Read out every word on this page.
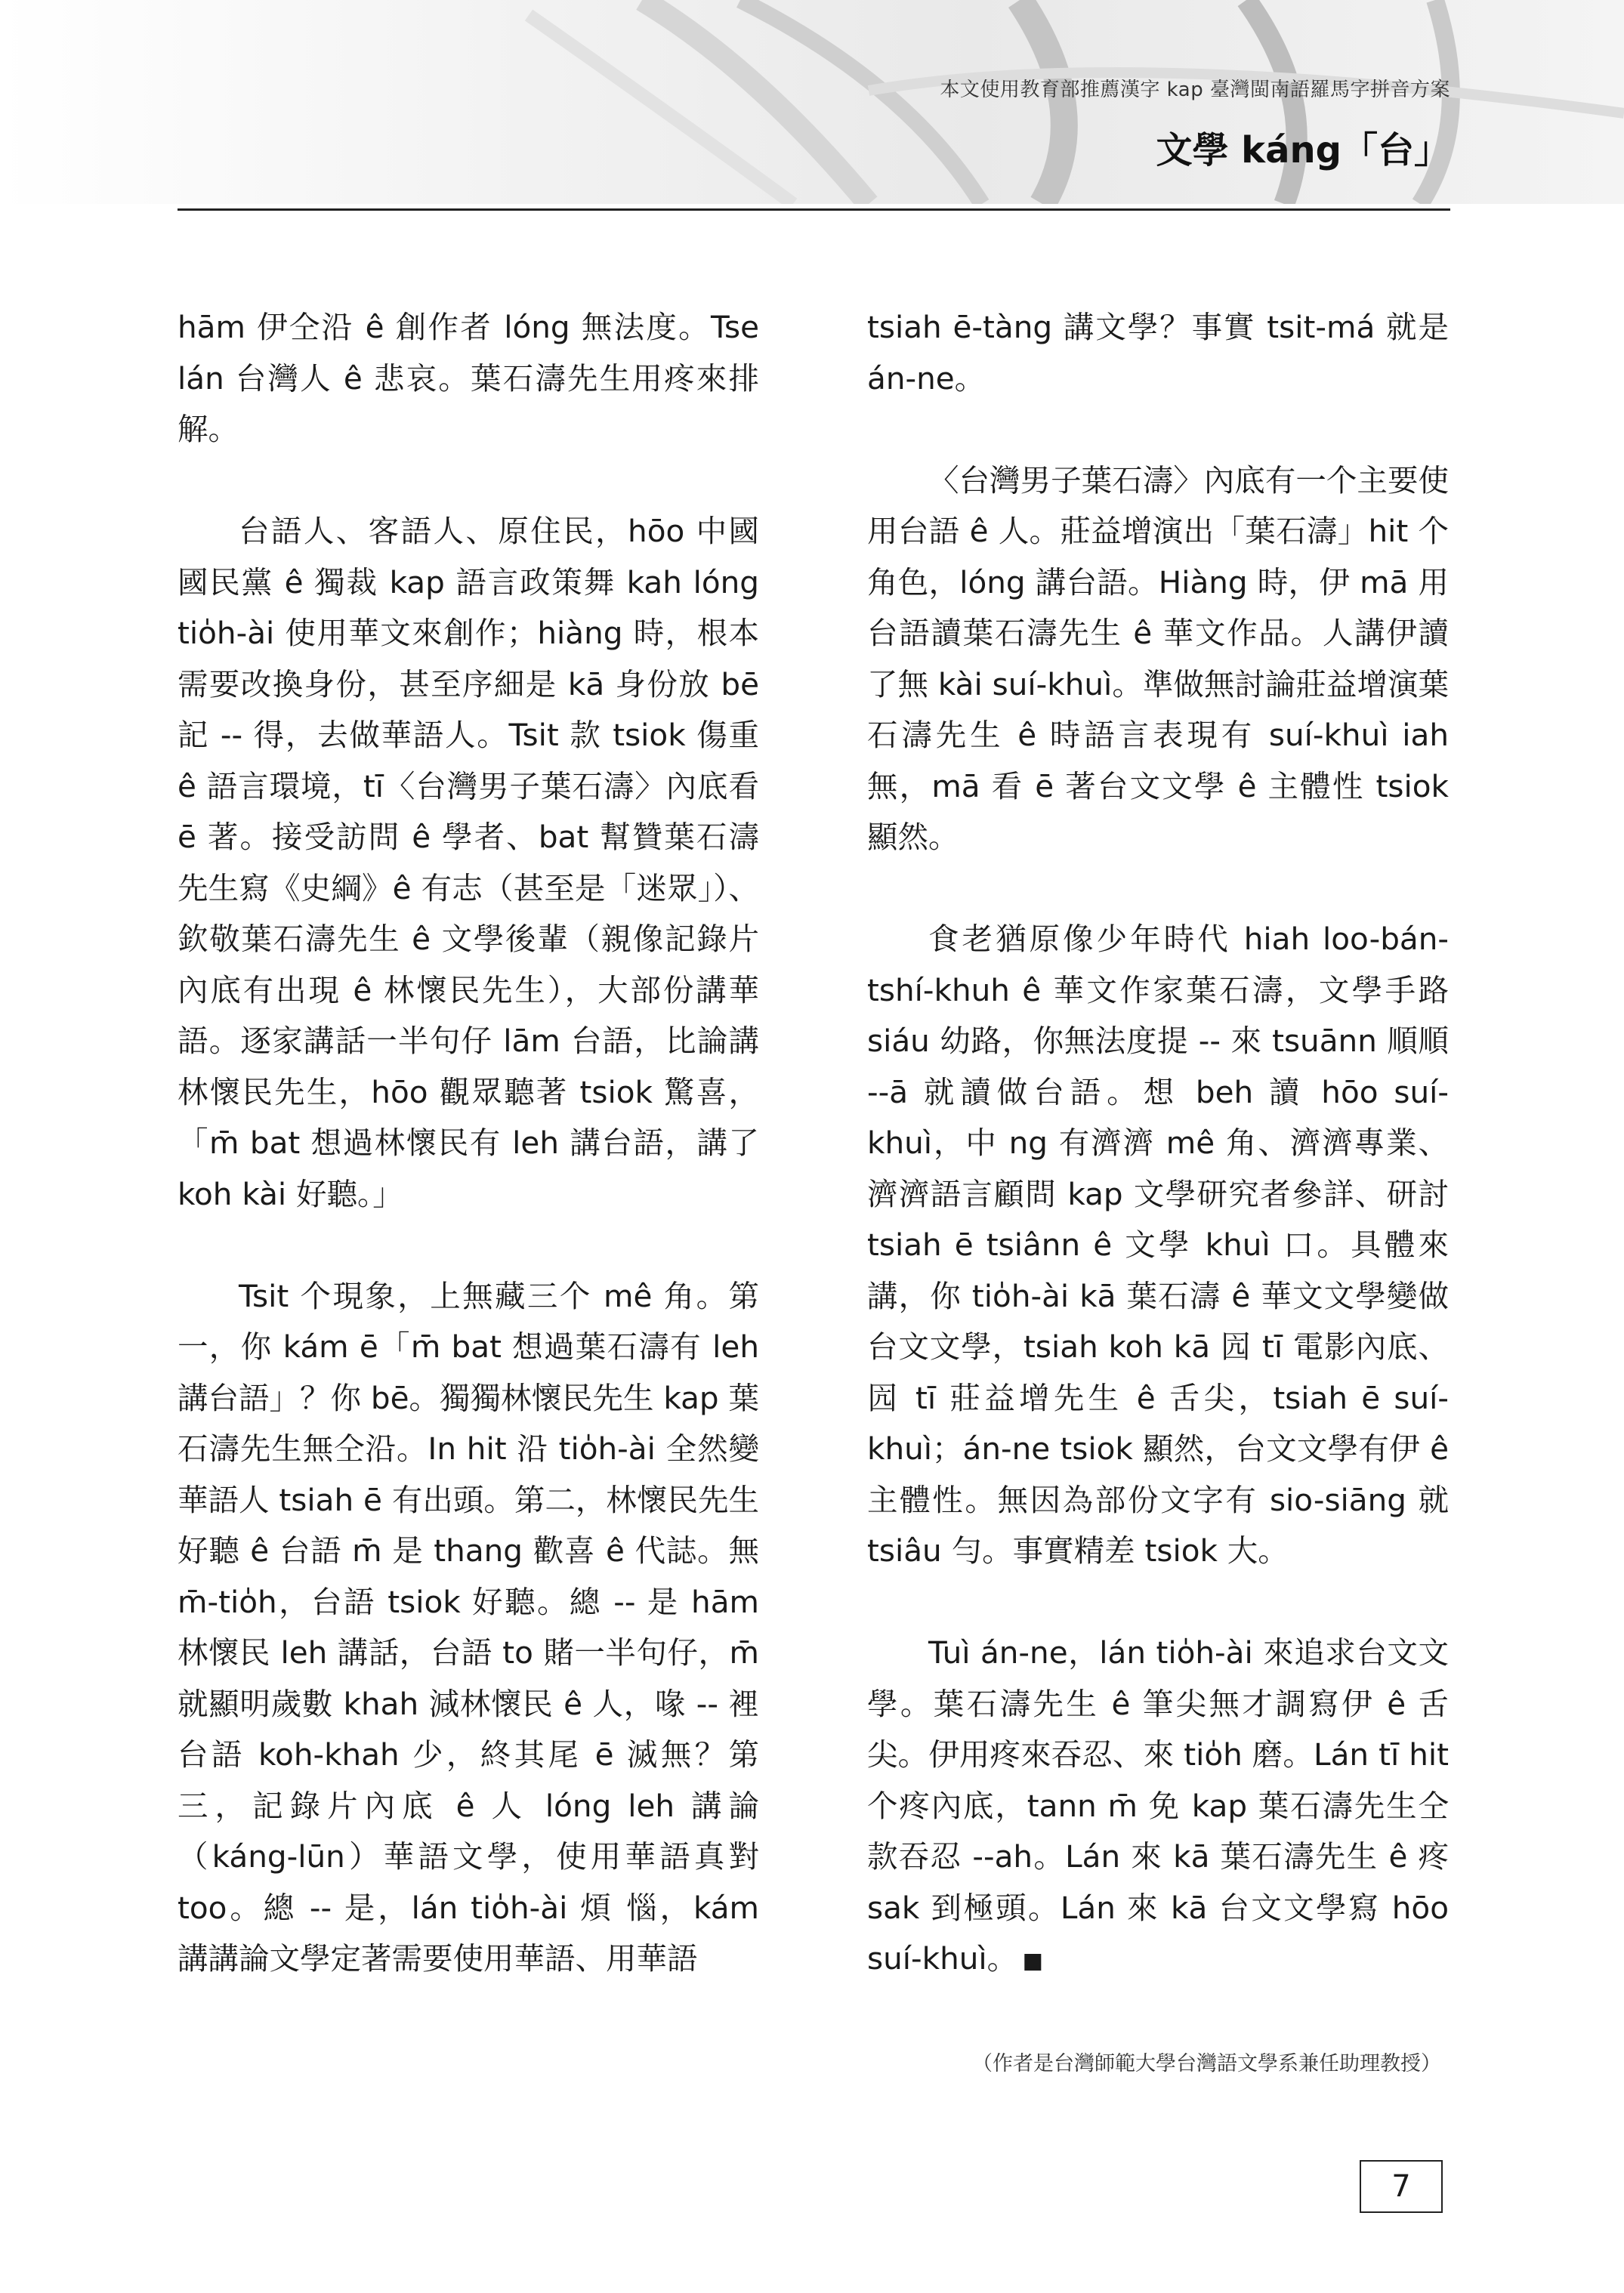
本文使用教育部推薦漢字 kap 臺灣閩南語羅馬字拼音方案
文學 káng「台」

hām 伊仝沿 ê 創作者 lóng 無法度。Tse lán 台灣人 ê 悲哀。葉石濤先生用疼來排解。

台語人、客語人、原住民，hōo 中國國民黨 ê 獨裁 kap 語言政策舞 kah lóng tio̍h-ài 使用華文來創作；hiàng 時，根本需要改換身份，甚至序細是 kā 身份放 bē 記 -- 得，去做華語人。Tsit 款 tsiok 傷重 ê 語言環境，tī〈台灣男子葉石濤〉內底看 ē 著。接受訪問 ê 學者、bat 幫贊葉石濤先生寫《史綱》ê 有志（甚至是「迷眾」）、欽敬葉石濤先生 ê 文學後輩（親像記錄片內底有出現 ê 林懷民先生），大部份講華語。逐家講話一半句仔 lām 台語，比論講林懷民先生，hōo 觀眾聽著 tsiok 驚喜，「m̄ bat 想過林懷民有 leh 講台語，講了 koh kài 好聽。」

Tsit 个現象，上無藏三个 mê 角。第一，你 kám ē「m̄ bat 想過葉石濤有 leh 講台語」？你 bē。獨獨林懷民先生 kap 葉石濤先生無仝沿。In hit 沿 tio̍h-ài 全然變華語人 tsiah ē 有出頭。第二，林懷民先生好聽 ê 台語 m̄ 是 thang 歡喜 ê 代誌。無 m̄-tio̍h，台語 tsiok 好聽。總 -- 是 hām 林懷民 leh 講話，台語 to 賭一半句仔，m̄ 就顯明歲數 khah 減林懷民 ê 人，喙 -- 裡台語 koh-khah 少，終其尾 ē 滅無？第三，記錄片內底 ê 人 lóng leh 講論（káng-lūn）華語文學，使用華語真對 too。總 -- 是，lán tio̍h-ài 煩 惱，kám 講講論文學定著需要使用華語、用華語

tsiah ē-tàng 講文學？事實 tsit-má 就是 án-ne。

〈台灣男子葉石濤〉內底有一个主要使用台語 ê 人。莊益增演出「葉石濤」hit 个角色，lóng 講台語。Hiàng 時，伊 mā 用台語讀葉石濤先生 ê 華文作品。人講伊讀了無 kài suí-khuì。準做無討論莊益增演葉石濤先生 ê 時語言表現有 suí-khuì iah 無，mā 看 ē 著台文文學 ê 主體性 tsiok 顯然。

食老猶原像少年時代 hiah loo-bán-tshí-khuh ê 華文作家葉石濤，文學手路 siáu 幼路，你無法度提 -- 來 tsuānn 順順 --ā 就讀做台語。想 beh 讀 hōo suí-khuì，中 ng 有濟濟 mê 角、濟濟專業、濟濟語言顧問 kap 文學研究者參詳、研討 tsiah ē tsiânn ê 文學 khuì 口。具體來講，你 tio̍h-ài kā 葉石濤 ê 華文文學變做台文文學，tsiah koh kā 囥 tī 電影內底、囥 tī 莊益增先生 ê 舌尖，tsiah ē suí-khuì；án-ne tsiok 顯然，台文文學有伊 ê 主體性。無因為部份文字有 sio-siāng 就 tsiâu 勻。事實精差 tsiok 大。

Tuì án-ne，lán tio̍h-ài 來追求台文文學。葉石濤先生 ê 筆尖無才調寫伊 ê 舌尖。伊用疼來吞忍、來 tio̍h 磨。Lán tī hit 个疼內底，tann m̄ 免 kap 葉石濤先生仝款吞忍 --ah。Lán 來 kā 葉石濤先生 ê 疼 sak 到極頭。Lán 來 kā 台文文學寫 hōo suí-khuì。 ◼

（作者是台灣師範大學台灣語文學系兼任助理教授）
7
